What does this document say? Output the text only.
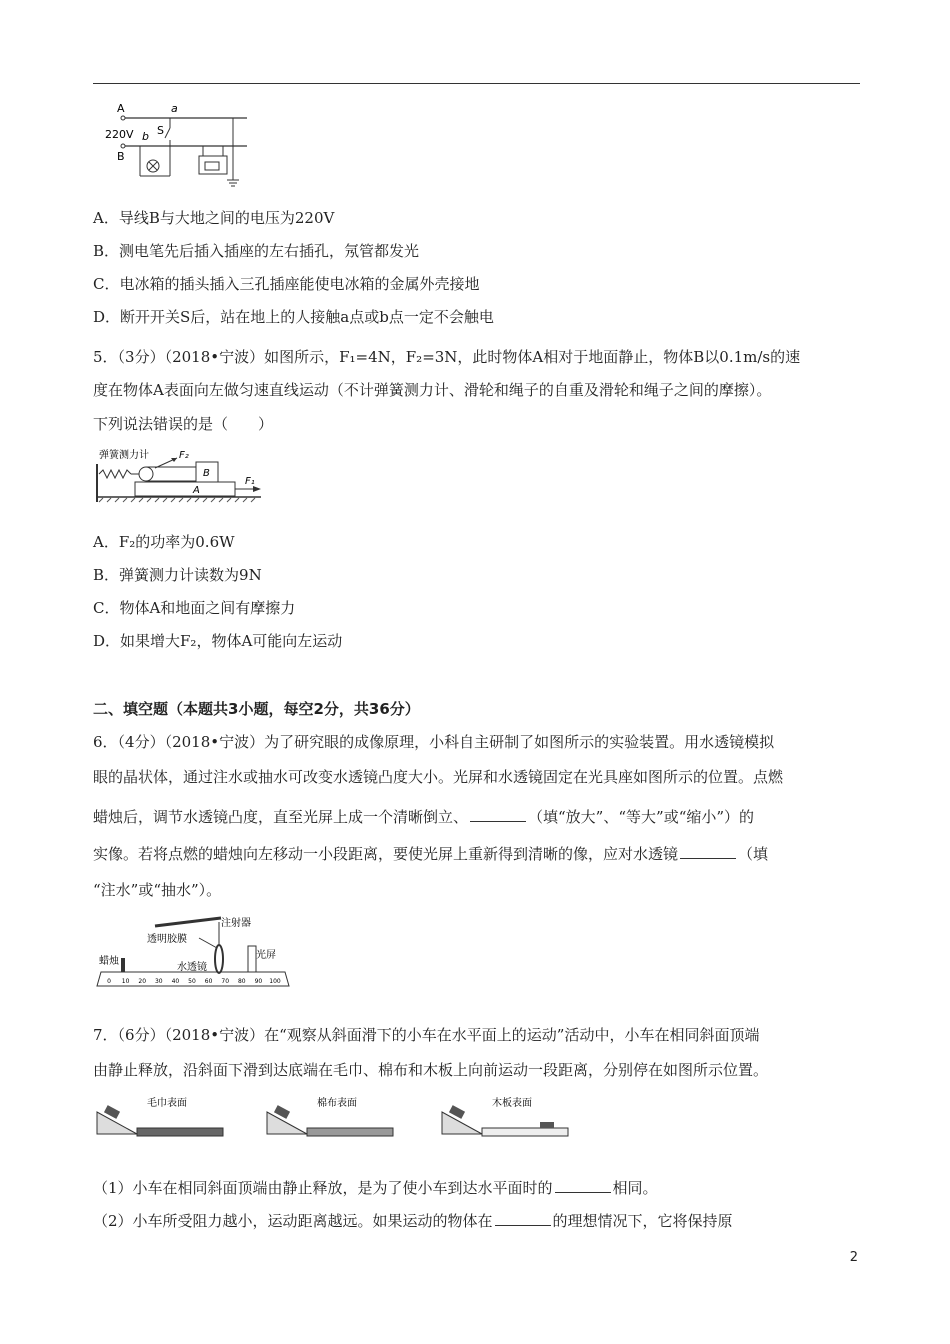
A	a
220V b S
B
A．导线B与大地之间的电压为220V
B．测电笔先后插入插座的左右插孔，氖管都发光
C．电冰箱的插头插入三孔插座能使电冰箱的金属外壳接地
D．断开开关S后，站在地上的人接触a点或b点一定不会触电
5．（3分）（2018•宁波）如图所示，F₁=4N，F₂=3N，此时物体A相对于地面静止，物体B以0.1m/s的速
度在物体A表面向左做匀速直线运动（不计弹簧测力计、滑轮和绳子的自重及滑轮和绳子之间的摩擦）。
下列说法错误的是（　　）
弹簧测力计	F₂
B
A
F₁
A．F₂的功率为0.6W
B．弹簧测力计读数为9N
C．物体A和地面之间有摩擦力
D．如果增大F₂，物体A可能向左运动
二、填空题（本题共3小题，每空2分，共36分）
6．（4分）（2018•宁波）为了研究眼的成像原理，小科自主研制了如图所示的实验装置。用水透镜模拟
眼的晶状体，通过注水或抽水可改变水透镜凸度大小。光屏和水透镜固定在光具座如图所示的位置。点燃
蜡烛后，调节水透镜凸度，直至光屏上成一个清晰倒立、	（填“放大”、“等大”或“缩小”）的
实像。若将点燃的蜡烛向左移动一小段距离，要使光屏上重新得到清晰的像，应对水透镜	（填
“注水”或“抽水”）。
注射器
透明胶膜
水透镜
光屏
蜡烛
0 10 20 30 40 50 60 70 80 90 100
7．（6分）（2018•宁波）在“观察从斜面滑下的小车在水平面上的运动”活动中，小车在相同斜面顶端
由静止释放，沿斜面下滑到达底端在毛巾、棉布和木板上向前运动一段距离，分别停在如图所示位置。
毛巾表面	棉布表面	木板表面
（1）小车在相同斜面顶端由静止释放，是为了使小车到达水平面时的	相同。
（2）小车所受阻力越小，运动距离越远。如果运动的物体在	的理想情况下，它将保持原
2
